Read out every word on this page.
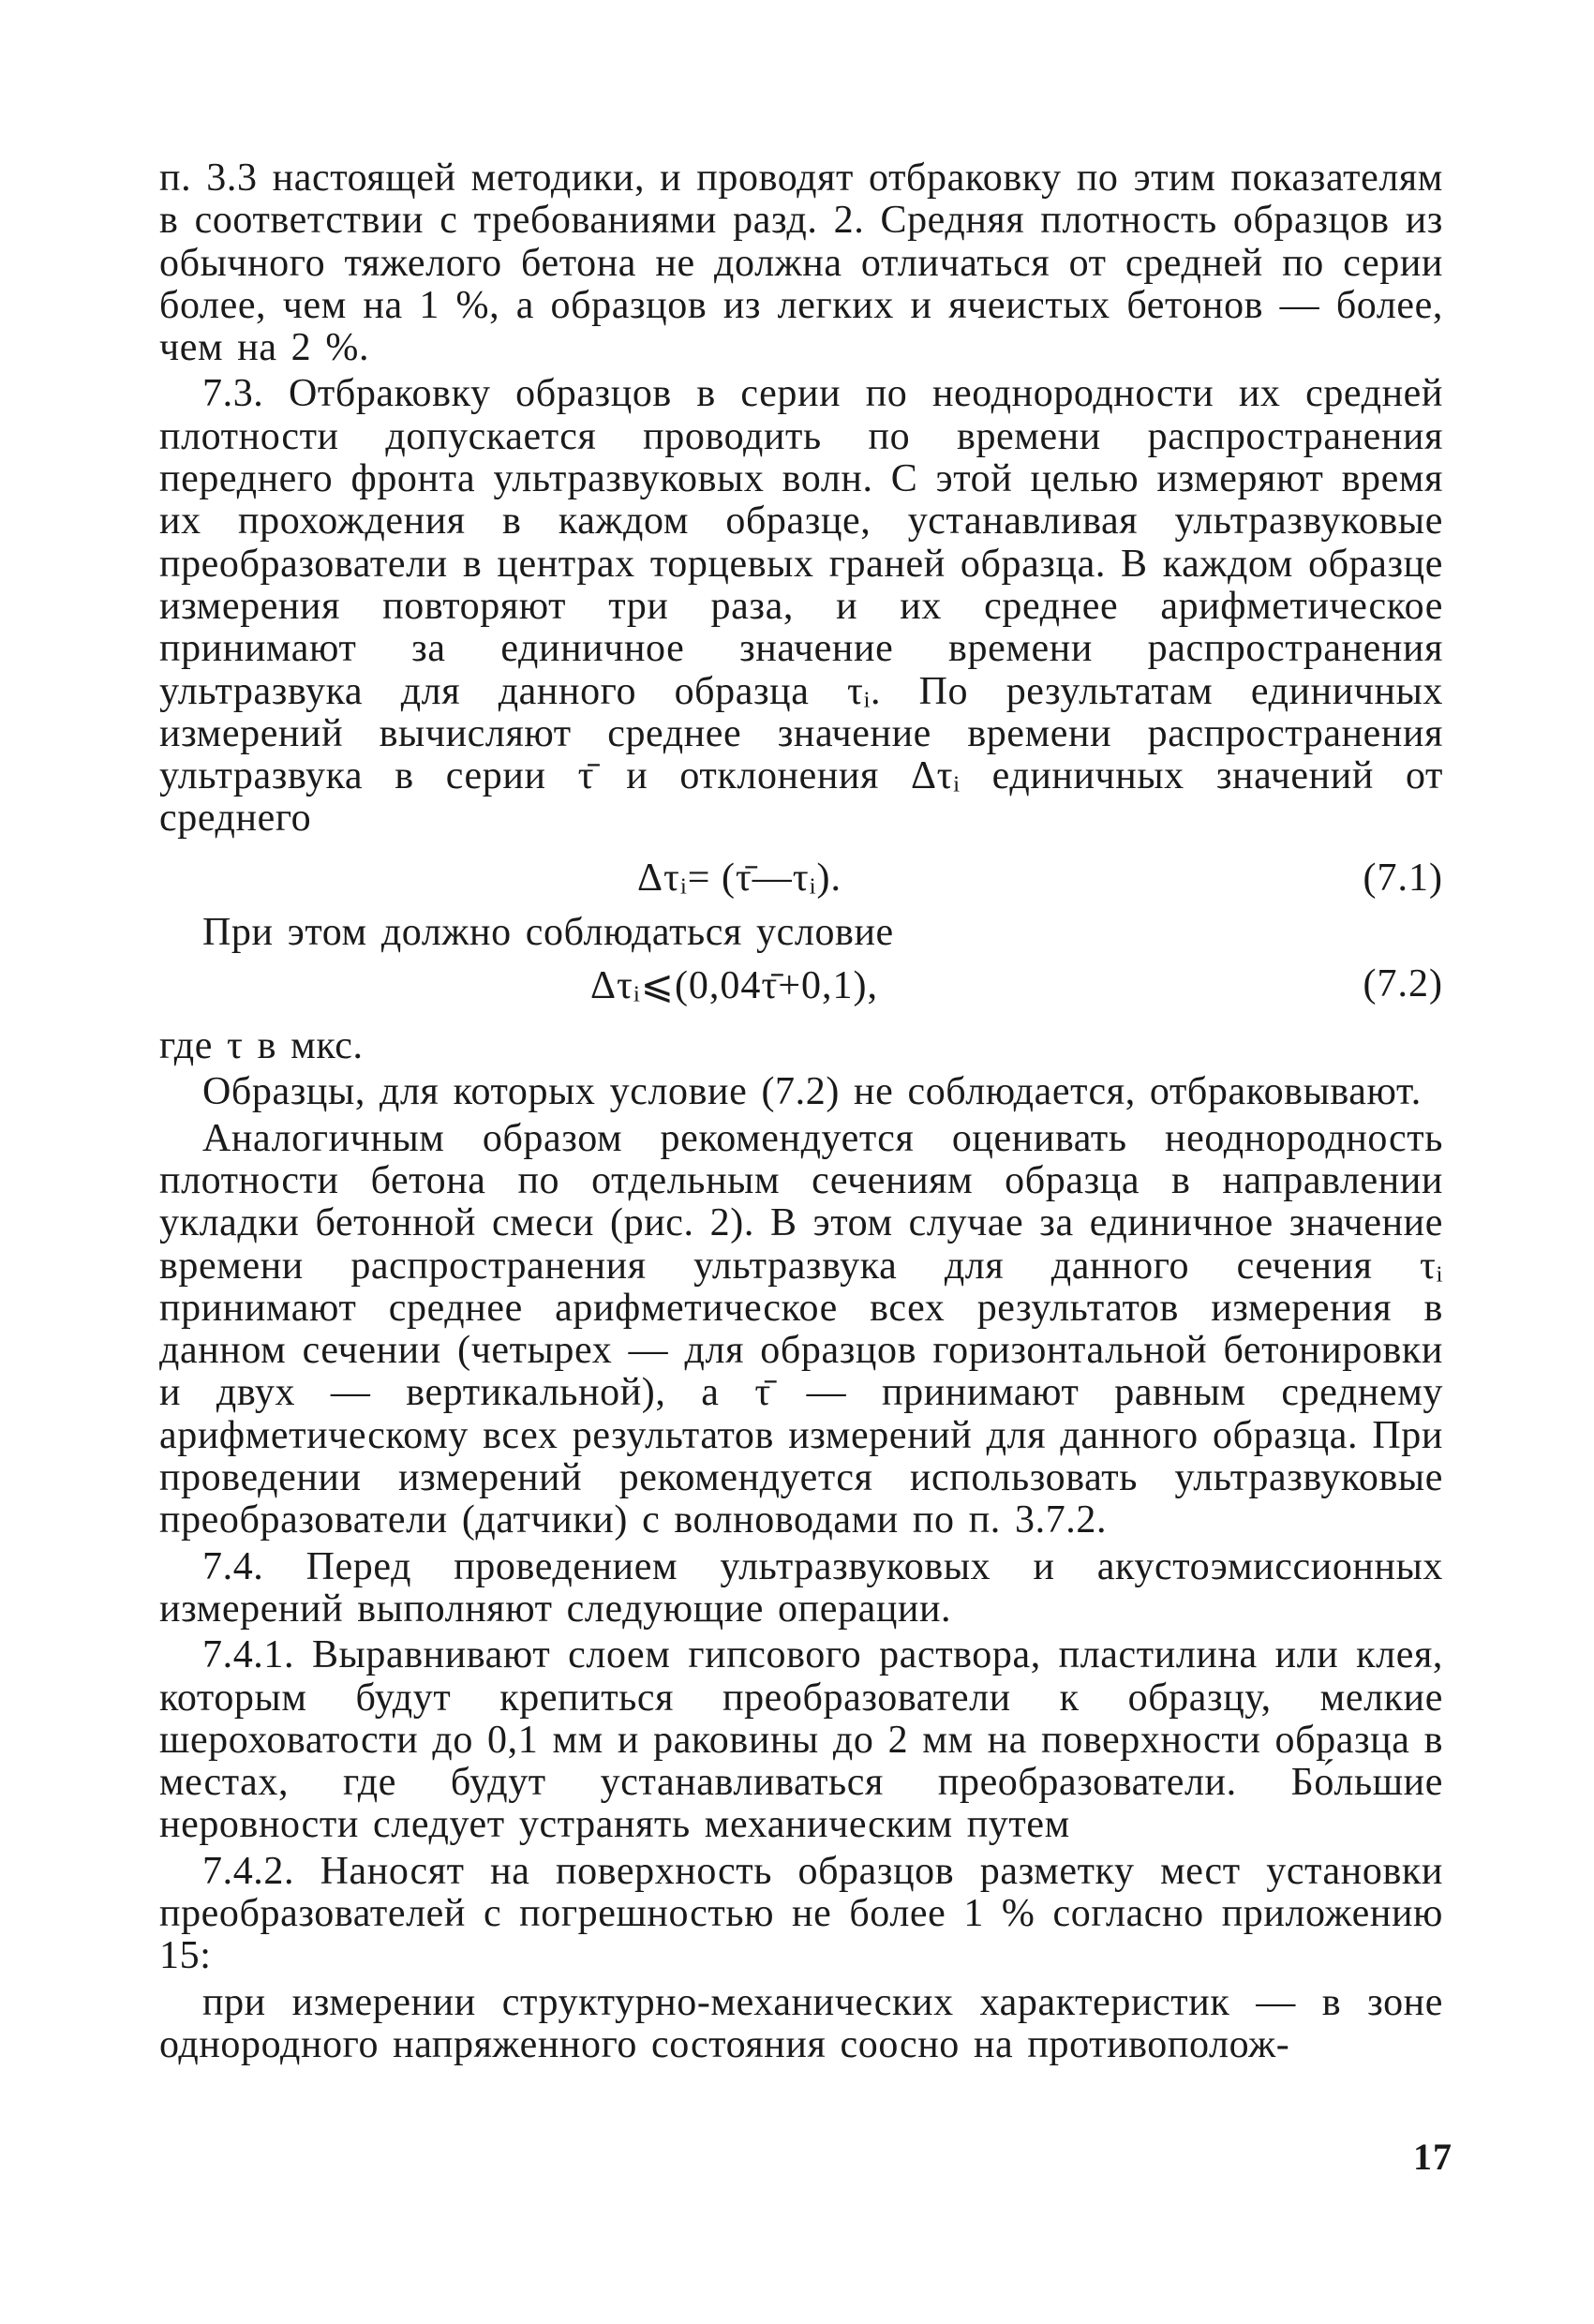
п. 3.3 настоящей методики, и проводят отбраковку по этим показателям в соответствии с требованиями разд. 2. Средняя плотность образцов из обычного тяжелого бетона не должна отличаться от средней по серии более, чем на 1 %, а образцов из легких и ячеистых бетонов — более, чем на 2 %.

7.3. Отбраковку образцов в серии по неоднородности их средней плотности допускается проводить по времени распространения переднего фронта ультразвуковых волн. С этой целью измеряют время их прохождения в каждом образце, устанавливая ультразвуковые преобразователи в центрах торцевых граней образца. В каждом образце измерения повторяют три раза, и их среднее арифметическое принимают за единичное значение времени распространения ультразвука для данного образца τᵢ. По результатам единичных измерений вычисляют среднее значение времени распространения ультразвука в серии τ̄ и отклонения Δτᵢ единичных значений от среднего

Δτᵢ= (τ̄—τᵢ).	(7.1)

При этом должно соблюдаться условие

Δτᵢ⩽(0,04τ̄+0,1),	(7.2)

где τ в мкс.

Образцы, для которых условие (7.2) не соблюдается, отбраковывают.

Аналогичным образом рекомендуется оценивать неоднородность плотности бетона по отдельным сечениям образца в направлении укладки бетонной смеси (рис. 2). В этом случае за единичное значение времени распространения ультразвука для данного сечения τᵢ принимают среднее арифметическое всех результатов измерения в данном сечении (четырех — для образцов горизонтальной бетонировки и двух — вертикальной), а τ̄ — принимают равным среднему арифметическому всех результатов измерений для данного образца. При проведении измерений рекомендуется использовать ультразвуковые преобразователи (датчики) с волноводами по п. 3.7.2.

7.4. Перед проведением ультразвуковых и акустоэмиссионных измерений выполняют следующие операции.

7.4.1. Выравнивают слоем гипсового раствора, пластилина или клея, которым будут крепиться преобразователи к образцу, мелкие шероховатости до 0,1 мм и раковины до 2 мм на поверхности образца в местах, где будут устанавливаться преобразователи. Бо́льшие неровности следует устранять механическим путем

7.4.2. Наносят на поверхность образцов разметку мест установки преобразователей с погрешностью не более 1 % согласно приложению 15:

при измерении структурно-механических характеристик — в зоне однородного напряженного состояния соосно на противополож-

17
